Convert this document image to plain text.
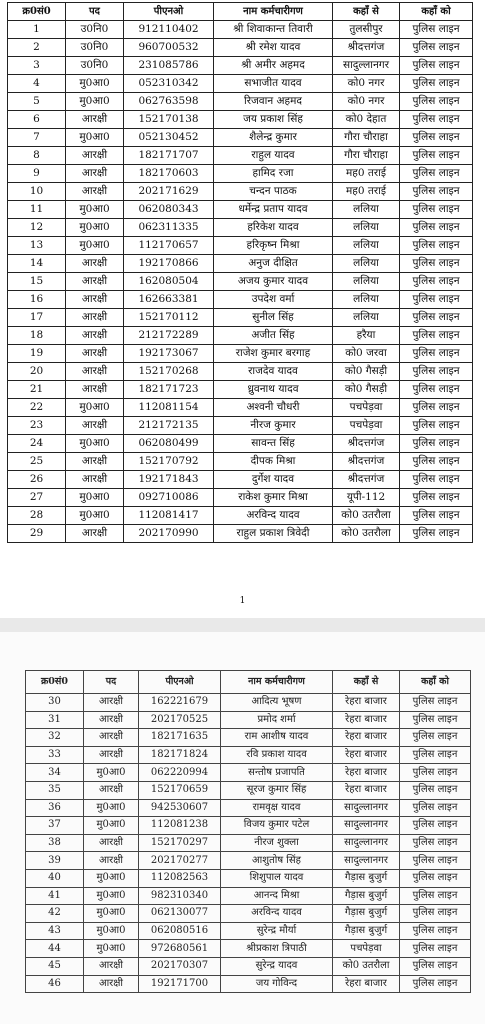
क्र0सं0	पद	पीएनओ	नाम कर्मचारीगण	कहाँ से	कहाँ को
1	उ0नि0	912110402	श्री शिवाकान्त तिवारी	तुलसीपुर	पुलिस लाइन
2	उ0नि0	960700532	श्री रमेश यादव	श्रीदत्तगंज	पुलिस लाइन
3	उ0नि0	231085786	श्री अमीर अहमद	सादुल्लानगर	पुलिस लाइन
4	मु0आ0	052310342	सभाजीत यादव	को0 नगर	पुलिस लाइन
5	मु0आ0	062763598	रिजवान अहमद	को0 नगर	पुलिस लाइन
6	आरक्षी	152170138	जय प्रकाश सिंह	को0 देहात	पुलिस लाइन
7	मु0आ0	052130452	शैलेन्द्र कुमार	गौरा चौराहा	पुलिस लाइन
8	आरक्षी	182171707	राहुल यादव	गौरा चौराहा	पुलिस लाइन
9	आरक्षी	182170603	हामिद रजा	मह0 तराई	पुलिस लाइन
10	आरक्षी	202171629	चन्दन पाठक	मह0 तराई	पुलिस लाइन
11	मु0आ0	062080343	धर्मेन्द्र प्रताप यादव	ललिया	पुलिस लाइन
12	मु0आ0	062311335	हरिकेश यादव	ललिया	पुलिस लाइन
13	मु0आ0	112170657	हरिकृष्न मिश्रा	ललिया	पुलिस लाइन
14	आरक्षी	192170866	अनुज दीक्षित	ललिया	पुलिस लाइन
15	आरक्षी	162080504	अजय कुमार यादव	ललिया	पुलिस लाइन
16	आरक्षी	162663381	उपदेश वर्मा	ललिया	पुलिस लाइन
17	आरक्षी	152170112	सुनील सिंह	ललिया	पुलिस लाइन
18	आरक्षी	212172289	अजीत सिंह	हरैया	पुलिस लाइन
19	आरक्षी	192173067	राजेश कुमार बरगाह	को0 जरवा	पुलिस लाइन
20	आरक्षी	152170268	राजदेव यादव	को0 गैसड़ी	पुलिस लाइन
21	आरक्षी	182171723	ध्रुवनाथ यादव	को0 गैसड़ी	पुलिस लाइन
22	मु0आ0	112081154	अश्वनी चौधरी	पचपेड़वा	पुलिस लाइन
23	आरक्षी	212172135	नीरज कुमार	पचपेड़वा	पुलिस लाइन
24	मु0आ0	062080499	सावन्त सिंह	श्रीदत्तगंज	पुलिस लाइन
25	आरक्षी	152170792	दीपक मिश्रा	श्रीदत्तगंज	पुलिस लाइन
26	आरक्षी	192171843	दुर्गेश यादव	श्रीदत्तगंज	पुलिस लाइन
27	मु0आ0	092710086	राकेश कुमार मिश्रा	यूपी-112	पुलिस लाइन
28	मु0आ0	112081417	अरविन्द यादव	को0 उतरौला	पुलिस लाइन
29	आरक्षी	202170990	राहुल प्रकाश त्रिवेदी	को0 उतरौला	पुलिस लाइन
1
क्र0सं0	पद	पीएनओ	नाम कर्मचारीगण	कहाँ से	कहाँ को
30	आरक्षी	162221679	आदित्य भूषण	रेहरा बाजार	पुलिस लाइन
31	आरक्षी	202170525	प्रमोद शर्मा	रेहरा बाजार	पुलिस लाइन
32	आरक्षी	182171635	राम आशीष यादव	रेहरा बाजार	पुलिस लाइन
33	आरक्षी	182171824	रवि प्रकाश यादव	रेहरा बाजार	पुलिस लाइन
34	मु0आ0	062220994	सन्तोष प्रजापति	रेहरा बाजार	पुलिस लाइन
35	आरक्षी	152170659	सूरज कुमार सिंह	रेहरा बाजार	पुलिस लाइन
36	मु0आ0	942530607	रामवृक्ष यादव	सादुल्लानगर	पुलिस लाइन
37	मु0आ0	112081238	विजय कुमार पटेल	सादुल्लानगर	पुलिस लाइन
38	आरक्षी	152170297	नीरज शुक्ला	सादुल्लानगर	पुलिस लाइन
39	आरक्षी	202170277	आशुतोष सिंह	सादुल्लानगर	पुलिस लाइन
40	मु0आ0	112082563	शिशुपाल यादव	गैड़ास बुजुर्ग	पुलिस लाइन
41	मु0आ0	982310340	आनन्द मिश्रा	गैड़ास बुजुर्ग	पुलिस लाइन
42	मु0आ0	062130077	अरविन्द यादव	गैड़ास बुजुर्ग	पुलिस लाइन
43	मु0आ0	062080516	सुरेन्द्र मौर्या	गैड़ास बुजुर्ग	पुलिस लाइन
44	मु0आ0	972680561	श्रीप्रकाश त्रिपाठी	पचपेड़वा	पुलिस लाइन
45	आरक्षी	202170307	सुरेन्द्र यादव	को0 उतरौला	पुलिस लाइन
46	आरक्षी	192171700	जय गोविन्द	रेहरा बाजार	पुलिस लाइन
